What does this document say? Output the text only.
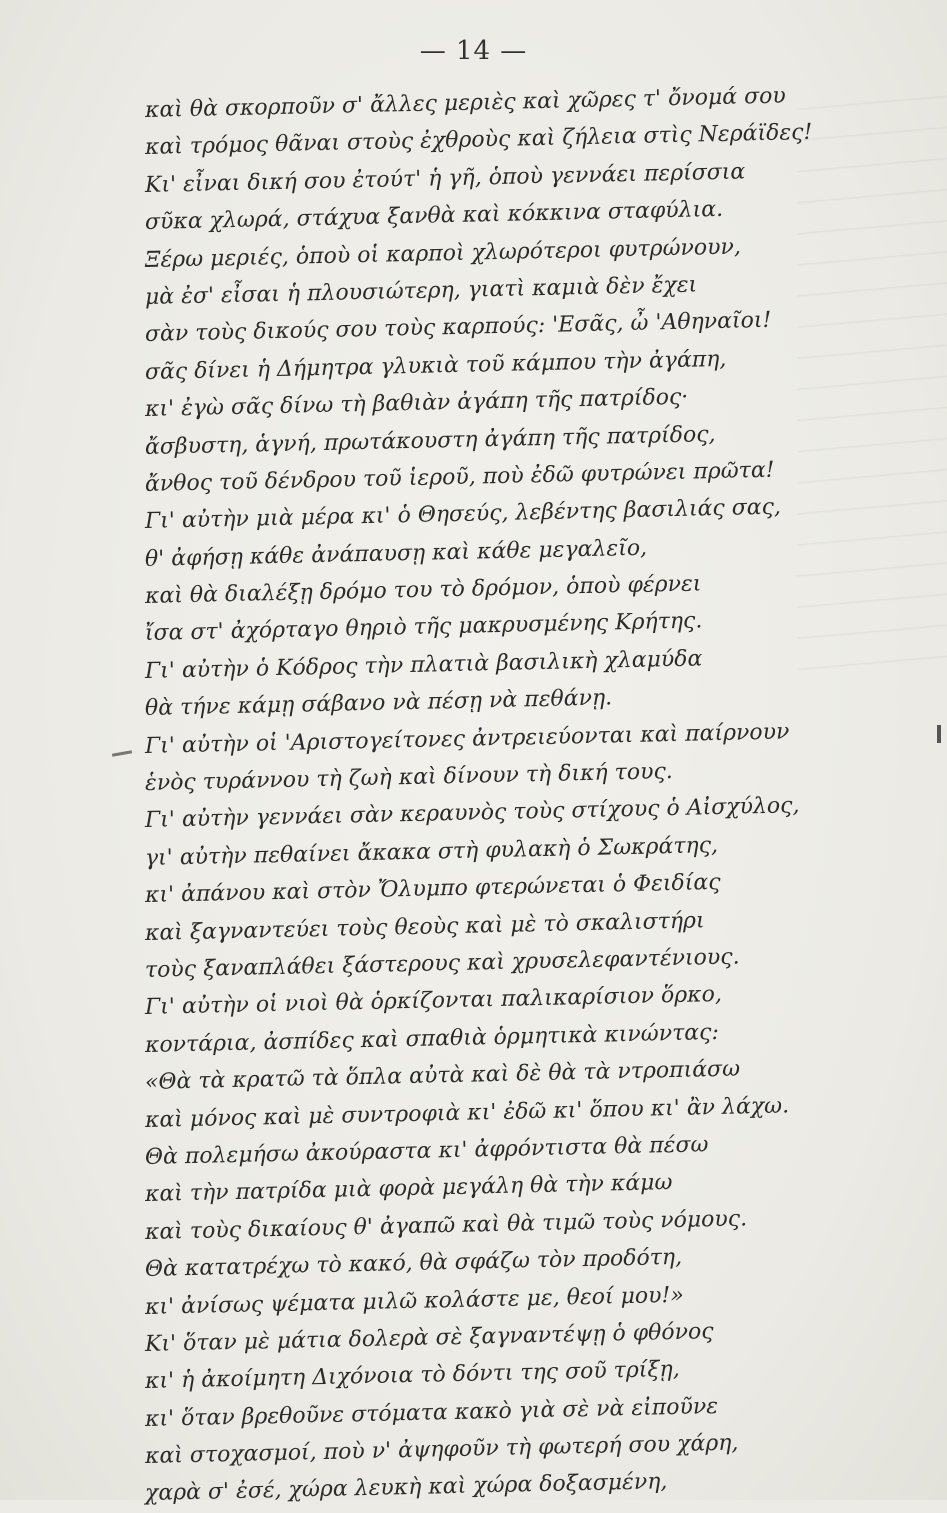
— 14 —
καὶ θὰ σκορποῦν σ' ἄλλες μεριὲς καὶ χῶρες τ' ὄνομά σου
καὶ τρόμος θᾶναι στοὺς ἐχθροὺς καὶ ζήλεια στὶς Νεράϊδες!
Κι' εἶναι δική σου ἐτούτ' ἡ γῆ, ὁποὺ γεννάει περίσσια
σῦκα χλωρά, στάχυα ξανθὰ καὶ κόκκινα σταφύλια.
Ξέρω μεριές, ὁποὺ οἱ καρποὶ χλωρότεροι φυτρώνουν,
μὰ ἐσ' εἶσαι ἡ πλουσιώτερη, γιατὶ καμιὰ δὲν ἔχει
σὰν τοὺς δικούς σου τοὺς καρπούς: 'Εσᾶς, ὦ 'Αθηναῖοι!
σᾶς δίνει ἡ Δήμητρα γλυκιὰ τοῦ κάμπου τὴν ἀγάπη,
κι' ἐγὼ σᾶς δίνω τὴ βαθιὰν ἀγάπη τῆς πατρίδος·
ἄσβυστη, ἁγνή, πρωτάκουστη ἀγάπη τῆς πατρίδος,
ἄνθος τοῦ δένδρου τοῦ ἱεροῦ, ποὺ ἐδῶ φυτρώνει πρῶτα!
Γι' αὐτὴν μιὰ μέρα κι' ὁ Θησεύς, λεβέντης βασιλιάς σας,
θ' ἀφήσῃ κάθε ἀνάπαυσῃ καὶ κάθε μεγαλεῖο,
καὶ θὰ διαλέξῃ δρόμο του τὸ δρόμον, ὁποὺ φέρνει
ἴσα στ' ἀχόρταγο θηριὸ τῆς μακρυσμένης Κρήτης.
Γι' αὐτὴν ὁ Κόδρος τὴν πλατιὰ βασιλικὴ χλαμύδα
θὰ τήνε κάμῃ σάβανο νὰ πέσῃ νὰ πεθάνῃ.
Γι' αὐτὴν οἱ 'Αριστογείτονες ἀντρειεύονται καὶ παίρνουν
ἑνὸς τυράννου τὴ ζωὴ καὶ δίνουν τὴ δική τους.
Γι' αὐτὴν γεννάει σὰν κεραυνὸς τοὺς στίχους ὁ Αἰσχύλος,
γι' αὐτὴν πεθαίνει ἄκακα στὴ φυλακὴ ὁ Σωκράτης,
κι' ἀπάνου καὶ στὸν Ὄλυμπο φτερώνεται ὁ Φειδίας
καὶ ξαγναντεύει τοὺς θεοὺς καὶ μὲ τὸ σκαλιστήρι
τοὺς ξαναπλάθει ξάστερους καὶ χρυσελεφαντένιους.
Γι' αὐτὴν οἱ νιοὶ θὰ ὁρκίζονται παλικαρίσιον ὅρκο,
κοντάρια, ἀσπίδες καὶ σπαθιὰ ὁρμητικὰ κινώντας:
«Θὰ τὰ κρατῶ τὰ ὅπλα αὐτὰ καὶ δὲ θὰ τὰ ντροπιάσω
καὶ μόνος καὶ μὲ συντροφιὰ κι' ἐδῶ κι' ὅπου κι' ἂν λάχω.
Θὰ πολεμήσω ἀκούραστα κι' ἀφρόντιστα θὰ πέσω
καὶ τὴν πατρίδα μιὰ φορὰ μεγάλη θὰ τὴν κάμω
καὶ τοὺς δικαίους θ' ἀγαπῶ καὶ θὰ τιμῶ τοὺς νόμους.
Θὰ κατατρέχω τὸ κακό, θὰ σφάζω τὸν προδότη,
κι' ἀνίσως ψέματα μιλῶ κολάστε με, θεοί μου!»
Κι' ὅταν μὲ μάτια δολερὰ σὲ ξαγναντέψῃ ὁ φθόνος
κι' ἡ ἀκοίμητη Διχόνοια τὸ δόντι της σοῦ τρίξῃ,
κι' ὅταν βρεθοῦνε στόματα κακὸ γιὰ σὲ νὰ εἰποῦνε
καὶ στοχασμοί, ποὺ ν' ἀψηφοῦν τὴ φωτερή σου χάρη,
χαρὰ σ' ἐσέ, χώρα λευκὴ καὶ χώρα δοξασμένη,
